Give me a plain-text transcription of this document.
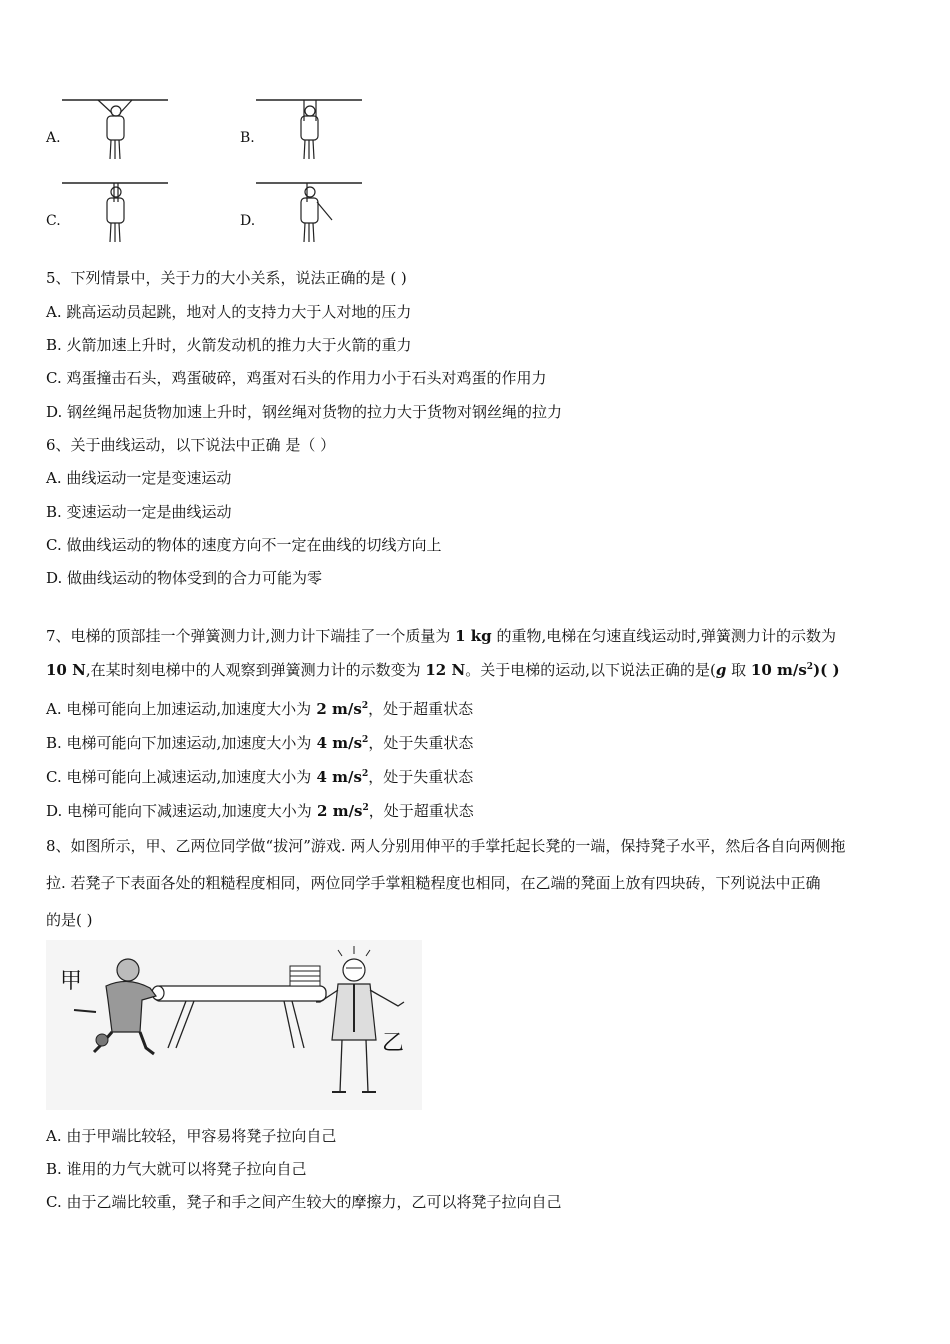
A.	B.
C.	D.
5、下列情景中，关于力的大小关系，说法正确的是 ( )
A. 跳高运动员起跳，地对人的支持力大于人对地的压力
B. 火箭加速上升时，火箭发动机的推力大于火箭的重力
C. 鸡蛋撞击石头，鸡蛋破碎，鸡蛋对石头的作用力小于石头对鸡蛋的作用力
D. 钢丝绳吊起货物加速上升时，钢丝绳对货物的拉力大于货物对钢丝绳的拉力
6、关于曲线运动，以下说法中正确 是（ ）
A. 曲线运动一定是变速运动
B. 变速运动一定是曲线运动
C. 做曲线运动的物体的速度方向不一定在曲线的切线方向上
D. 做曲线运动的物体受到的合力可能为零
7、电梯的顶部挂一个弹簧测力计,测力计下端挂了一个质量为 1 kg 的重物,电梯在匀速直线运动时,弹簧测力计的示数为
10 N,在某时刻电梯中的人观察到弹簧测力计的示数变为 12 N。关于电梯的运动,以下说法正确的是(g 取 10 $m/s^2$)( )
A. 电梯可能向上加速运动,加速度大小为 2 $m/s^2$，处于超重状态
B. 电梯可能向下加速运动,加速度大小为 4 $m/s^2$，处于失重状态
C. 电梯可能向上减速运动,加速度大小为 4 $m/s^2$，处于失重状态
D. 电梯可能向下减速运动,加速度大小为 2 $m/s^2$，处于超重状态
8、如图所示，甲、乙两位同学做“拔河”游戏. 两人分别用伸平的手掌托起长凳的一端，保持凳子水平，然后各自向两侧拖
拉. 若凳子下表面各处的粗糙程度相同，两位同学手掌粗糙程度也相同，在乙端的凳面上放有四块砖，下列说法中正确
的是( )
甲
乙
A. 由于甲端比较轻，甲容易将凳子拉向自己
B. 谁用的力气大就可以将凳子拉向自己
C. 由于乙端比较重，凳子和手之间产生较大的摩擦力，乙可以将凳子拉向自己
